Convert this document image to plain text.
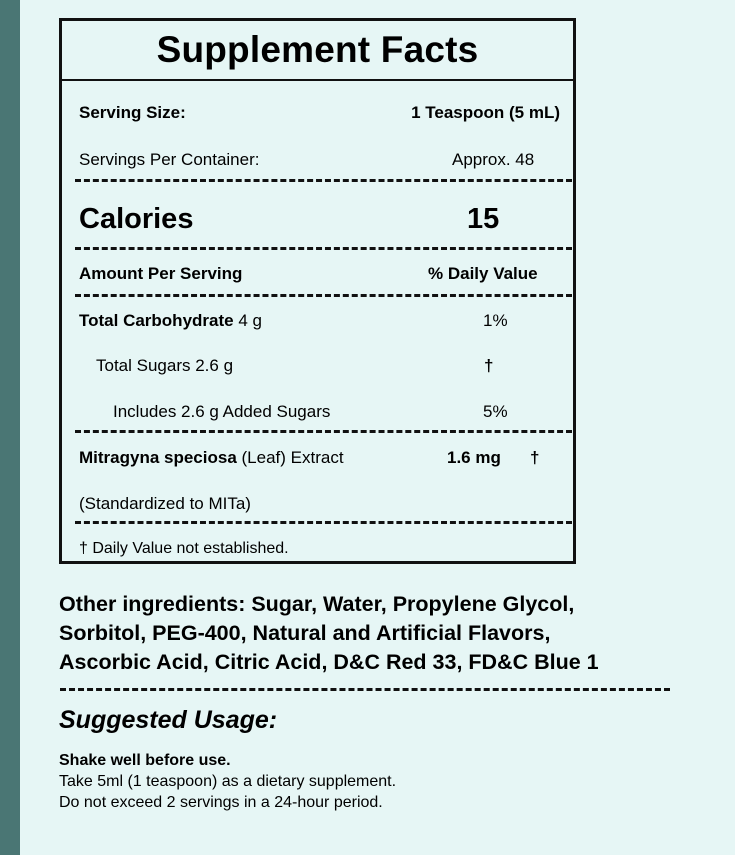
Supplement Facts
Serving Size:	1 Teaspoon (5 mL)
Servings Per Container:	Approx. 48
Calories	15
Amount Per Serving	% Daily Value
Total Carbohydrate 4 g	1%
Total Sugars 2.6 g	†
Includes 2.6 g Added Sugars	5%
Mitragyna speciosa (Leaf) Extract	1.6 mg †
(Standardized to MITa)
† Daily Value not established.
Other ingredients: Sugar, Water, Propylene Glycol,
Sorbitol, PEG-400, Natural and Artificial Flavors,
Ascorbic Acid, Citric Acid, D&C Red 33, FD&C Blue 1
Suggested Usage:
Shake well before use.
Take 5ml (1 teaspoon) as a dietary supplement.
Do not exceed 2 servings in a 24-hour period.
